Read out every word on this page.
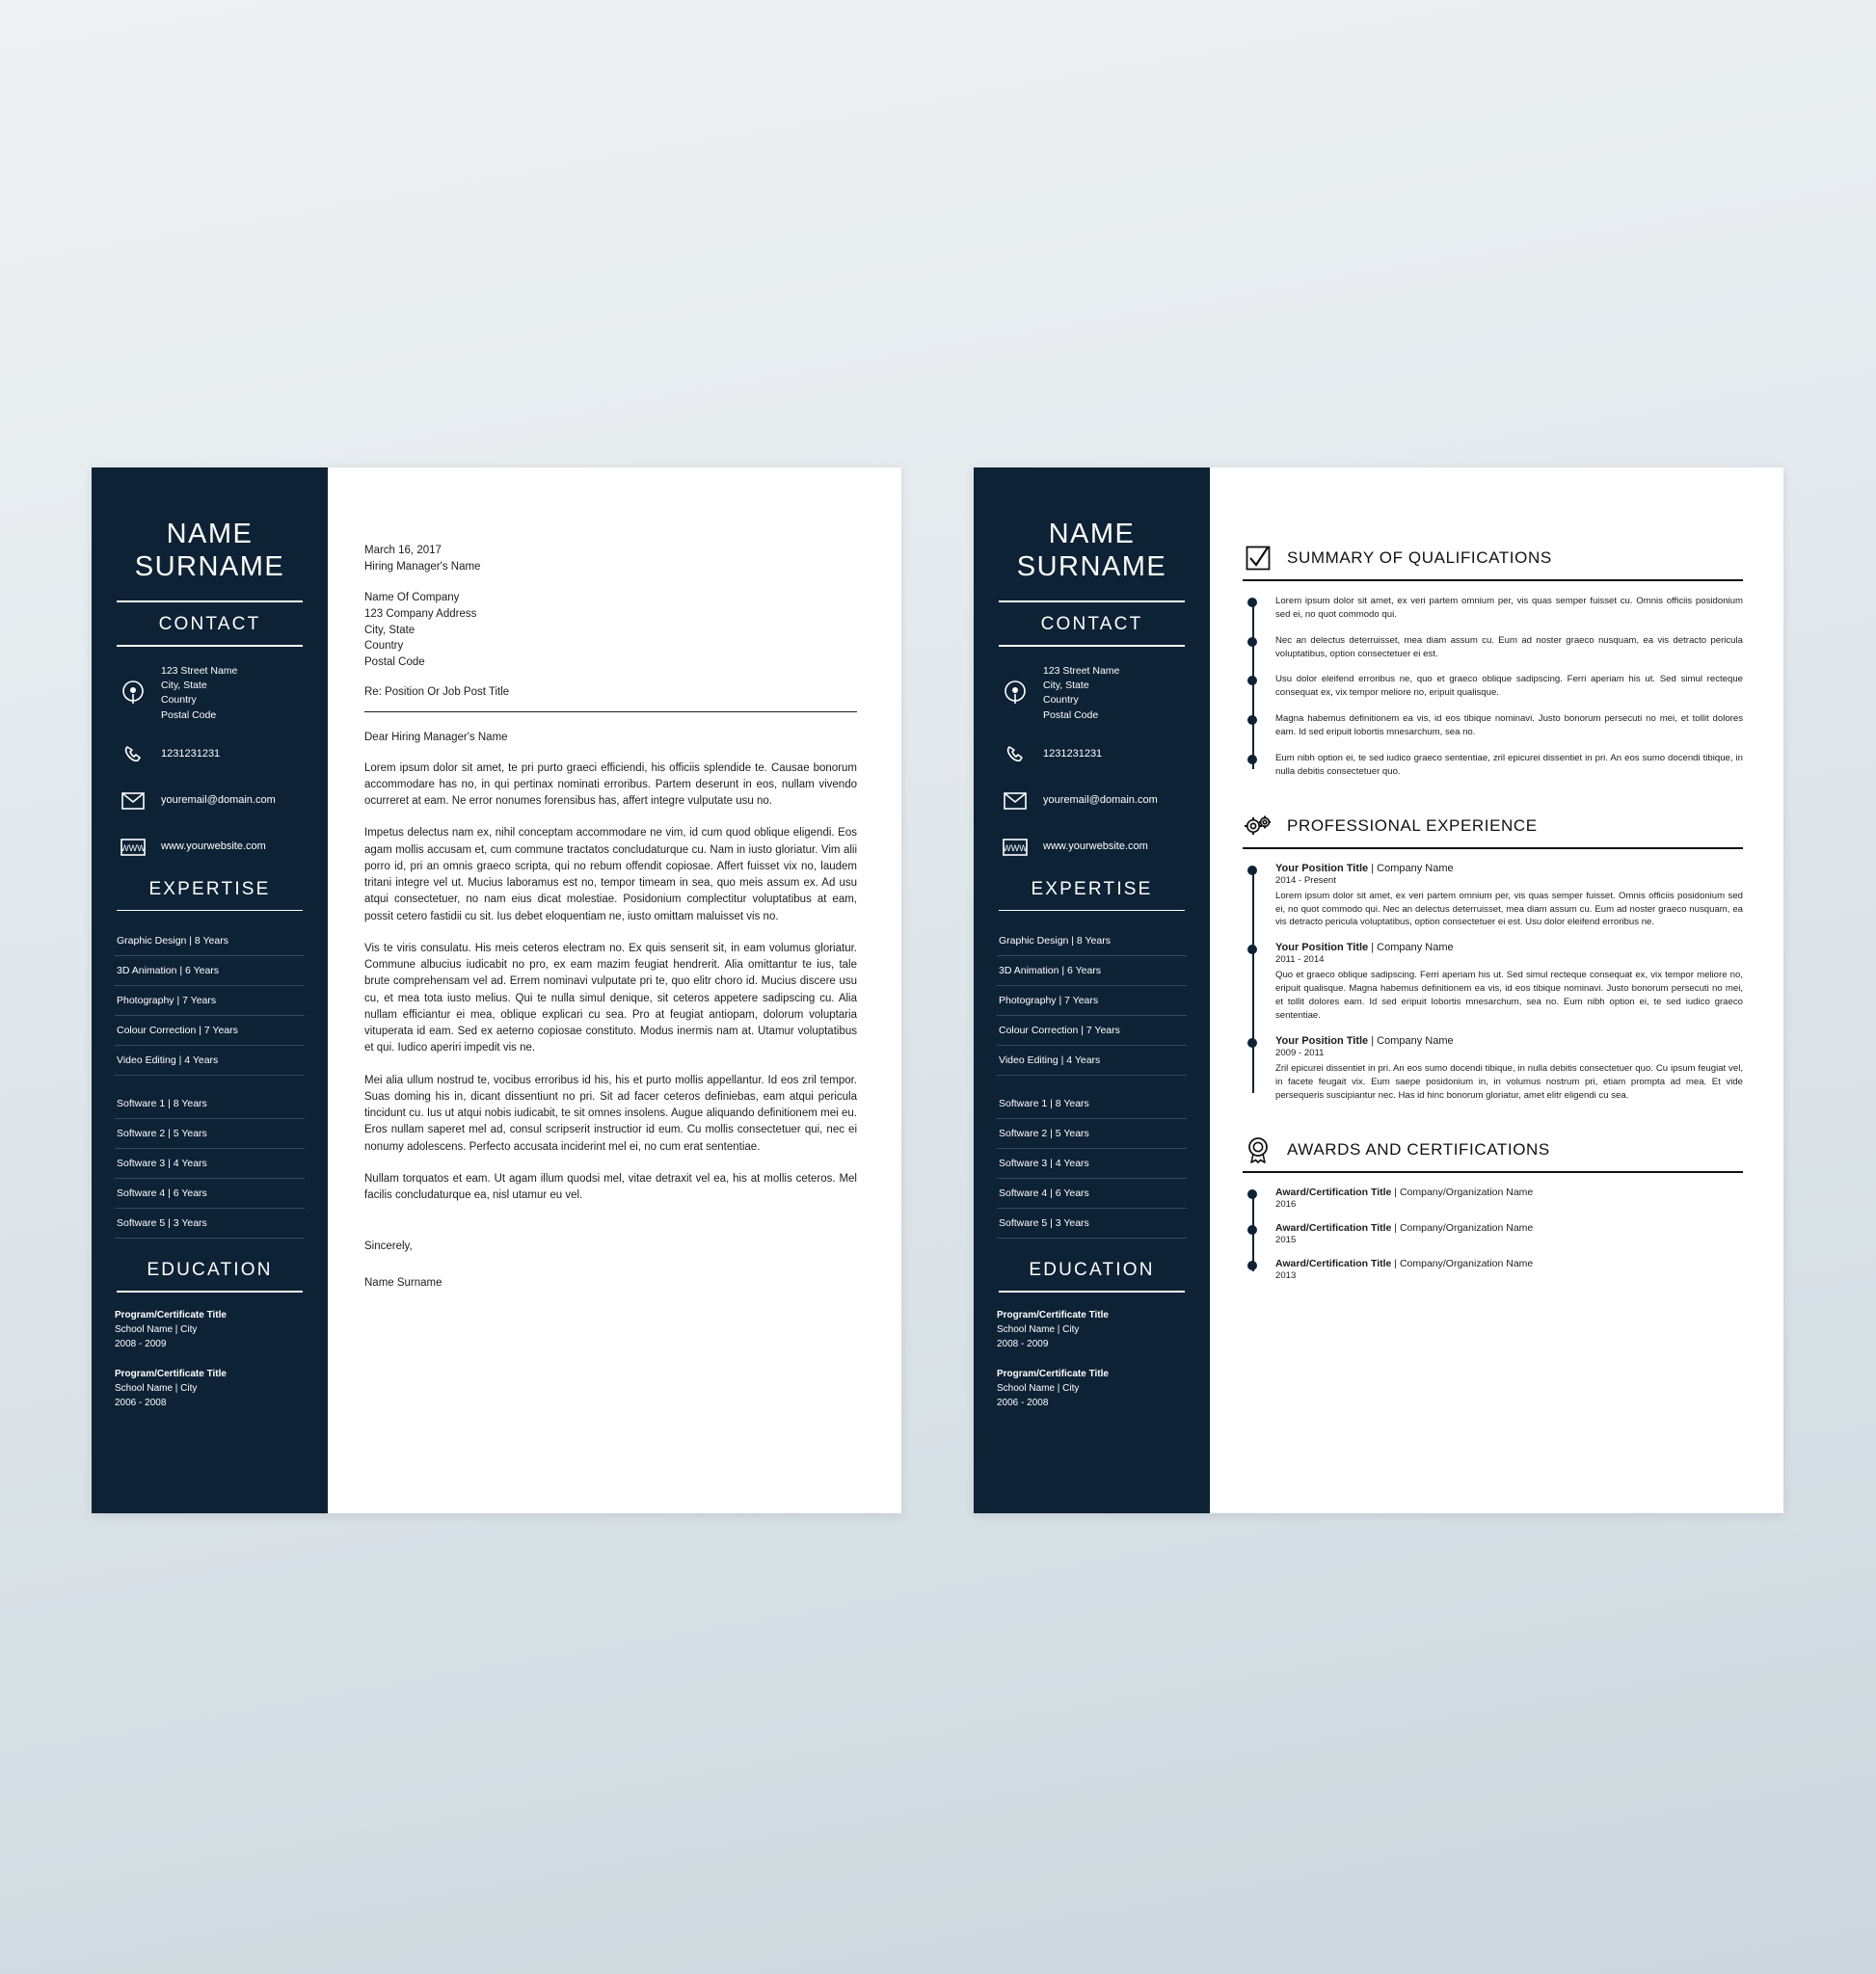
NAME
SURNAME
CONTACT
123 Street Name
City, State
Country
Postal Code
1231231231
youremail@domain.com
WWW www.yourwebsite.com
EXPERTISE
Graphic Design | 8 Years
3D Animation | 6 Years
Photography | 7 Years
Colour Correction | 7 Years
Video Editing | 4 Years
Software 1 | 8 Years
Software 2 | 5 Years
Software 3 | 4 Years
Software 4 | 6 Years
Software 5 | 3 Years
EDUCATION
Program/Certificate Title
School Name | City
2008 - 2009
Program/Certificate Title
School Name | City
2006 - 2008
March 16, 2017
Hiring Manager's Name
Name Of Company
123 Company Address
City, State
Country
Postal Code
Re: Position Or Job Post Title
Dear Hiring Manager's Name
Lorem ipsum dolor sit amet, te pri purto graeci efficiendi, his officiis splendide te. Causae bonorum accommodare has no, in qui pertinax nominati erroribus. Partem deserunt in eos, nullam vivendo ocurreret at eam. Ne error nonumes forensibus has, affert integre vulputate usu no.
Impetus delectus nam ex, nihil conceptam accommodare ne vim, id cum quod oblique eligendi. Eos agam mollis accusam et, cum commune tractatos concludaturque cu. Nam in iusto gloriatur. Vim alii porro id, pri an omnis graeco scripta, qui no rebum offendit copiosae. Affert fuisset vix no, laudem tritani integre vel ut. Mucius laboramus est no, tempor timeam in sea, quo meis assum ex. Ad usu atqui consectetuer, no nam eius dicat molestiae. Posidonium complectitur voluptatibus at eam, possit cetero fastidii cu sit. Ius debet eloquentiam ne, iusto omittam maluisset vis no.
Vis te viris consulatu. His meis ceteros electram no. Ex quis senserit sit, in eam volumus gloriatur. Commune albucius iudicabit no pro, ex eam mazim feugiat hendrerit. Alia omittantur te ius, tale brute comprehensam vel ad. Errem nominavi vulputate pri te, quo elitr choro id. Mucius discere usu cu, et mea tota iusto melius. Qui te nulla simul denique, sit ceteros appetere sadipscing cu. Alia nullam efficiantur ei mea, oblique explicari cu sea. Pro at feugiat antiopam, dolorum voluptaria vituperata id eam. Sed ex aeterno copiosae constituto. Modus inermis nam at. Utamur voluptatibus et qui. Iudico aperiri impedit vis ne.
Mei alia ullum nostrud te, vocibus erroribus id his, his et purto mollis appellantur. Id eos zril tempor. Suas doming his in, dicant dissentiunt no pri. Sit ad facer ceteros definiebas, eam atqui pericula tincidunt cu. Ius ut atqui nobis iudicabit, te sit omnes insolens. Augue aliquando definitionem mei eu. Eros nullam saperet mel ad, consul scripserit instructior id eum. Cu mollis consectetuer qui, nec ei nonumy adolescens. Perfecto accusata inciderint mel ei, no cum erat sententiae.
Nullam torquatos et eam. Ut agam illum quodsi mel, vitae detraxit vel ea, his at mollis ceteros. Mel facilis concludaturque ea, nisl utamur eu vel.
Sincerely,
Name Surname
NAME
SURNAME
CONTACT
123 Street Name
City, State
Country
Postal Code
1231231231
youremail@domain.com
WWW www.yourwebsite.com
EXPERTISE
Graphic Design | 8 Years
3D Animation | 6 Years
Photography | 7 Years
Colour Correction | 7 Years
Video Editing | 4 Years
Software 1 | 8 Years
Software 2 | 5 Years
Software 3 | 4 Years
Software 4 | 6 Years
Software 5 | 3 Years
EDUCATION
Program/Certificate Title
School Name | City
2008 - 2009
Program/Certificate Title
School Name | City
2006 - 2008
SUMMARY OF QUALIFICATIONS
Lorem ipsum dolor sit amet, ex veri partem omnium per, vis quas semper fuisset cu. Omnis officiis posidonium sed ei, no quot commodo qui.
Nec an delectus deterruisset, mea diam assum cu. Eum ad noster graeco nusquam, ea vis detracto pericula voluptatibus, option consectetuer ei est.
Usu dolor eleifend erroribus ne, quo et graeco oblique sadipscing. Ferri aperiam his ut. Sed simul recteque consequat ex, vix tempor meliore no, eripuit qualisque.
Magna habemus definitionem ea vis, id eos tibique nominavi. Justo bonorum persecuti no mei, et tollit dolores eam. Id sed eripuit lobortis mnesarchum, sea no.
Eum nibh option ei, te sed iudico graeco sententiae, zril epicurei dissentiet in pri. An eos sumo docendi tibique, in nulla debitis consectetuer quo.
PROFESSIONAL EXPERIENCE
Your Position Title | Company Name
2014 - Present
Lorem ipsum dolor sit amet, ex veri partem omnium per, vis quas semper fuisset. Omnis officiis posidonium sed ei, no quot commodo qui. Nec an delectus deterruisset, mea diam assum cu. Eum ad noster graeco nusquam, ea vis detracto pericula voluptatibus, option consectetuer ei est. Usu dolor eleifend erroribus ne.
Your Position Title | Company Name
2011 - 2014
Quo et graeco oblique sadipscing. Ferri aperiam his ut. Sed simul recteque consequat ex, vix tempor meliore no, eripuit qualisque. Magna habemus definitionem ea vis, id eos tibique nominavi. Justo bonorum persecuti no mei, et tollit dolores eam. Id sed eripuit lobortis mnesarchum, sea no. Eum nibh option ei, te sed iudico graeco sententiae.
Your Position Title | Company Name
2009 - 2011
Zril epicurei dissentiet in pri. An eos sumo docendi tibique, in nulla debitis consectetuer quo. Cu ipsum feugiat vel, in facete feugait vix. Eum saepe posidonium in, in volumus nostrum pri, etiam prompta ad mea. Et vide persequeris suscipiantur nec. Has id hinc bonorum gloriatur, amet elitr eligendi cu sea.
AWARDS AND CERTIFICATIONS
Award/Certification Title | Company/Organization Name
2016
Award/Certification Title | Company/Organization Name
2015
Award/Certification Title | Company/Organization Name
2013
